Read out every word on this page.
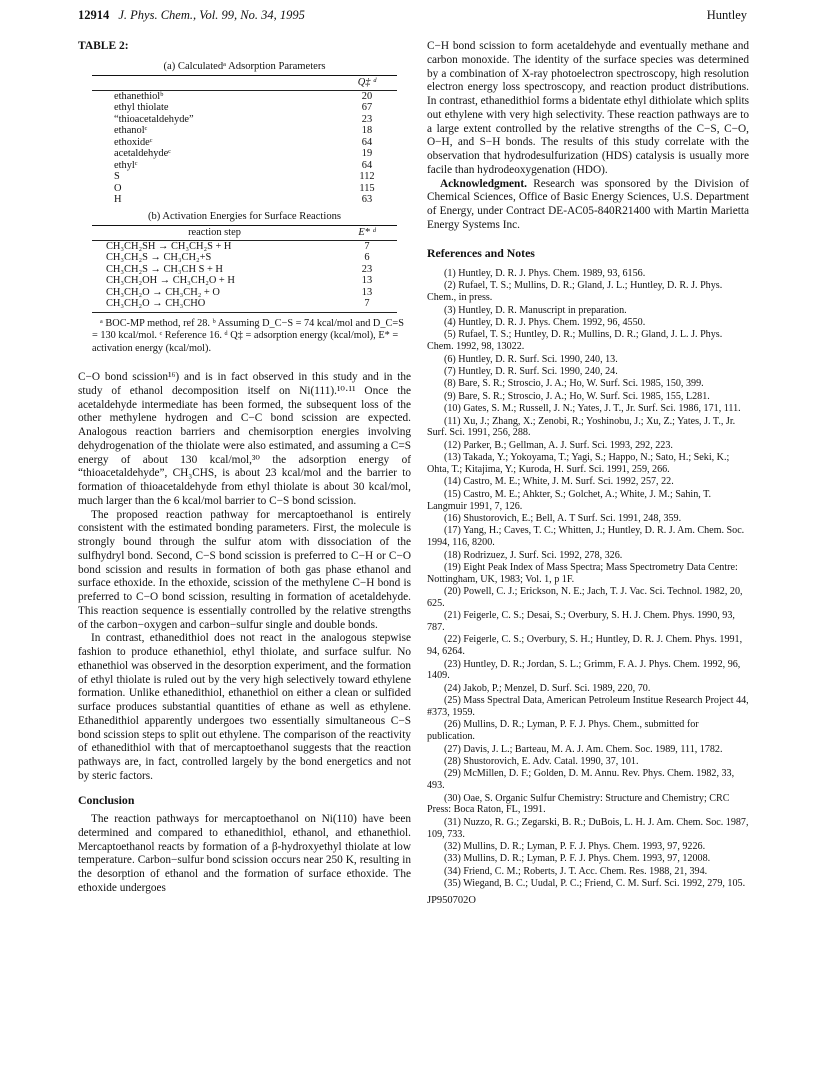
12914 J. Phys. Chem., Vol. 99, No. 34, 1995	Huntley
TABLE 2:
(a) Calculatedᵃ Adsorption Parameters
	Q‡ ᵈ
ethanethiolᵇ	20
ethyl thiolate	67
“thioacetaldehyde”	23
ethanolᶜ	18
ethoxideᶜ	64
acetaldehydeᶜ	19
ethylᶜ	64
S	112
O	115
H	63
(b) Activation Energies for Surface Reactions
reaction step	E* ᵈ
CH₃CH₂SH → CH₃CH₂S + H	7
CH₃CH₂S → CH₃CH₂+S	6
CH₃CH₂S → CH₃CH S + H	23
CH₃CH₂OH → CH₃CH₂O + H	13
CH₃CH₂O → CH₃CH₂ + O	13
CH₃CH₂O → CH₃CHO	7
ᵃ BOC-MP method, ref 28. ᵇ Assuming D_C−S = 74 kcal/mol and D_C=S = 130 kcal/mol. ᶜ Reference 16. ᵈ Q‡ = adsorption energy (kcal/mol), E* = activation energy (kcal/mol).

C−O bond scission¹⁶) and is in fact observed in this study and in the study of ethanol decomposition itself on Ni(111).¹⁰·¹¹ Once the acetaldehyde intermediate has been formed, the subsequent loss of the other methylene hydrogen and C−C bond scission are expected. Analogous reaction barriers and chemisorption energies involving dehydrogenation of the thiolate were also estimated, and assuming a C=S energy of about 130 kcal/mol,³⁰ the adsorption energy of “thioacetaldehyde”, CH₃CHS, is about 23 kcal/mol and the barrier to formation of thioacetaldehyde from ethyl thiolate is about 30 kcal/mol, much larger than the 6 kcal/mol barrier to C−S bond scission.

The proposed reaction pathway for mercaptoethanol is entirely consistent with the estimated bonding parameters. First, the molecule is strongly bound through the sulfur atom with dissociation of the sulfhydryl bond. Second, C−S bond scission is preferred to C−H or C−O bond scission and results in formation of both gas phase ethanol and surface ethoxide. In the ethoxide, scission of the methylene C−H bond is preferred to C−O bond scission, resulting in formation of acetaldehyde. This reaction sequence is essentially controlled by the relative strengths of the carbon−oxygen and carbon−sulfur single and double bonds.

In contrast, ethanedithiol does not react in the analogous stepwise fashion to produce ethanethiol, ethyl thiolate, and surface sulfur. No ethanethiol was observed in the desorption experiment, and the formation of ethyl thiolate is ruled out by the very high selectively toward ethylene formation. Unlike ethanedithiol, ethanethiol on either a clean or sulfided surface produces substantial quantities of ethane as well as ethylene. Ethanedithiol apparently undergoes two essentially simultaneous C−S bond scission steps to split out ethylene. The comparison of the reactivity of ethanedithiol with that of mercaptoethanol suggests that the reaction pathways are, in fact, controlled largely by the bond energetics and not by steric factors.

Conclusion

The reaction pathways for mercaptoethanol on Ni(110) have been determined and compared to ethanedithiol, ethanol, and ethanethiol. Mercaptoethanol reacts by formation of a β-hydroxyethyl thiolate at low temperature. Carbon−sulfur bond scission occurs near 250 K, resulting in the desorption of ethanol and the formation of surface ethoxide. The ethoxide undergoes

C−H bond scission to form acetaldehyde and eventually methane and carbon monoxide. The identity of the surface species was determined by a combination of X-ray photoelectron spectroscopy, high resolution electron energy loss spectroscopy, and reaction product distributions. In contrast, ethanedithiol forms a bidentate ethyl dithiolate which splits out ethylene with very high selectivity. These reaction pathways are to a large extent controlled by the relative strengths of the C−S, C−O, O−H, and S−H bonds. The results of this study correlate with the observation that hydrodesulfurization (HDS) catalysis is usually more facile than hydrodeoxygenation (HDO).

Acknowledgment. Research was sponsored by the Division of Chemical Sciences, Office of Basic Energy Sciences, U.S. Department of Energy, under Contract DE-AC05-840R21400 with Martin Marietta Energy Systems Inc.

References and Notes
(1) Huntley, D. R. J. Phys. Chem. 1989, 93, 6156.
(2) Rufael, T. S.; Mullins, D. R.; Gland, J. L.; Huntley, D. R. J. Phys. Chem., in press.
(3) Huntley, D. R. Manuscript in preparation.
(4) Huntley, D. R. J. Phys. Chem. 1992, 96, 4550.
(5) Rufael, T. S.; Huntley, D. R.; Mullins, D. R.; Gland, J. L. J. Phys. Chem. 1992, 98, 13022.
(6) Huntley, D. R. Surf. Sci. 1990, 240, 13.
(7) Huntley, D. R. Surf. Sci. 1990, 240, 24.
(8) Bare, S. R.; Stroscio, J. A.; Ho, W. Surf. Sci. 1985, 150, 399.
(9) Bare, S. R.; Stroscio, J. A.; Ho, W. Surf. Sci. 1985, 155, L281.
(10) Gates, S. M.; Russell, J. N.; Yates, J. T., Jr. Surf. Sci. 1986, 171, 111.
(11) Xu, J.; Zhang, X.; Zenobi, R.; Yoshinobu, J.; Xu, Z.; Yates, J. T., Jr. Surf. Sci. 1991, 256, 288.
(12) Parker, B.; Gellman, A. J. Surf. Sci. 1993, 292, 223.
(13) Takada, Y.; Yokoyama, T.; Yagi, S.; Happo, N.; Sato, H.; Seki, K.; Ohta, T.; Kitajima, Y.; Kuroda, H. Surf. Sci. 1991, 259, 266.
(14) Castro, M. E.; White, J. M. Surf. Sci. 1992, 257, 22.
(15) Castro, M. E.; Ahkter, S.; Golchet, A.; White, J. M.; Sahin, T. Langmuir 1991, 7, 126.
(16) Shustorovich, E.; Bell, A. T Surf. Sci. 1991, 248, 359.
(17) Yang, H.; Caves, T. C.; Whitten, J.; Huntley, D. R. J. Am. Chem. Soc. 1994, 116, 8200.
(18) Rodrizuez, J. Surf. Sci. 1992, 278, 326.
(19) Eight Peak Index of Mass Spectra; Mass Spectrometry Data Centre: Nottingham, UK, 1983; Vol. 1, p 1F.
(20) Powell, C. J.; Erickson, N. E.; Jach, T. J. Vac. Sci. Technol. 1982, 20, 625.
(21) Feigerle, C. S.; Desai, S.; Overbury, S. H. J. Chem. Phys. 1990, 93, 787.
(22) Feigerle, C. S.; Overbury, S. H.; Huntley, D. R. J. Chem. Phys. 1991, 94, 6264.
(23) Huntley, D. R.; Jordan, S. L.; Grimm, F. A. J. Phys. Chem. 1992, 96, 1409.
(24) Jakob, P.; Menzel, D. Surf. Sci. 1989, 220, 70.
(25) Mass Spectral Data, American Petroleum Institue Research Project 44, #373, 1959.
(26) Mullins, D. R.; Lyman, P. F. J. Phys. Chem., submitted for publication.
(27) Davis, J. L.; Barteau, M. A. J. Am. Chem. Soc. 1989, 111, 1782.
(28) Shustorovich, E. Adv. Catal. 1990, 37, 101.
(29) McMillen, D. F.; Golden, D. M. Annu. Rev. Phys. Chem. 1982, 33, 493.
(30) Oae, S. Organic Sulfur Chemistry: Structure and Chemistry; CRC Press: Boca Raton, FL, 1991.
(31) Nuzzo, R. G.; Zegarski, B. R.; DuBois, L. H. J. Am. Chem. Soc. 1987, 109, 733.
(32) Mullins, D. R.; Lyman, P. F. J. Phys. Chem. 1993, 97, 9226.
(33) Mullins, D. R.; Lyman, P. F. J. Phys. Chem. 1993, 97, 12008.
(34) Friend, C. M.; Roberts, J. T. Acc. Chem. Res. 1988, 21, 394.
(35) Wiegand, B. C.; Uudal, P. C.; Friend, C. M. Surf. Sci. 1992, 279, 105.
JP950702O
